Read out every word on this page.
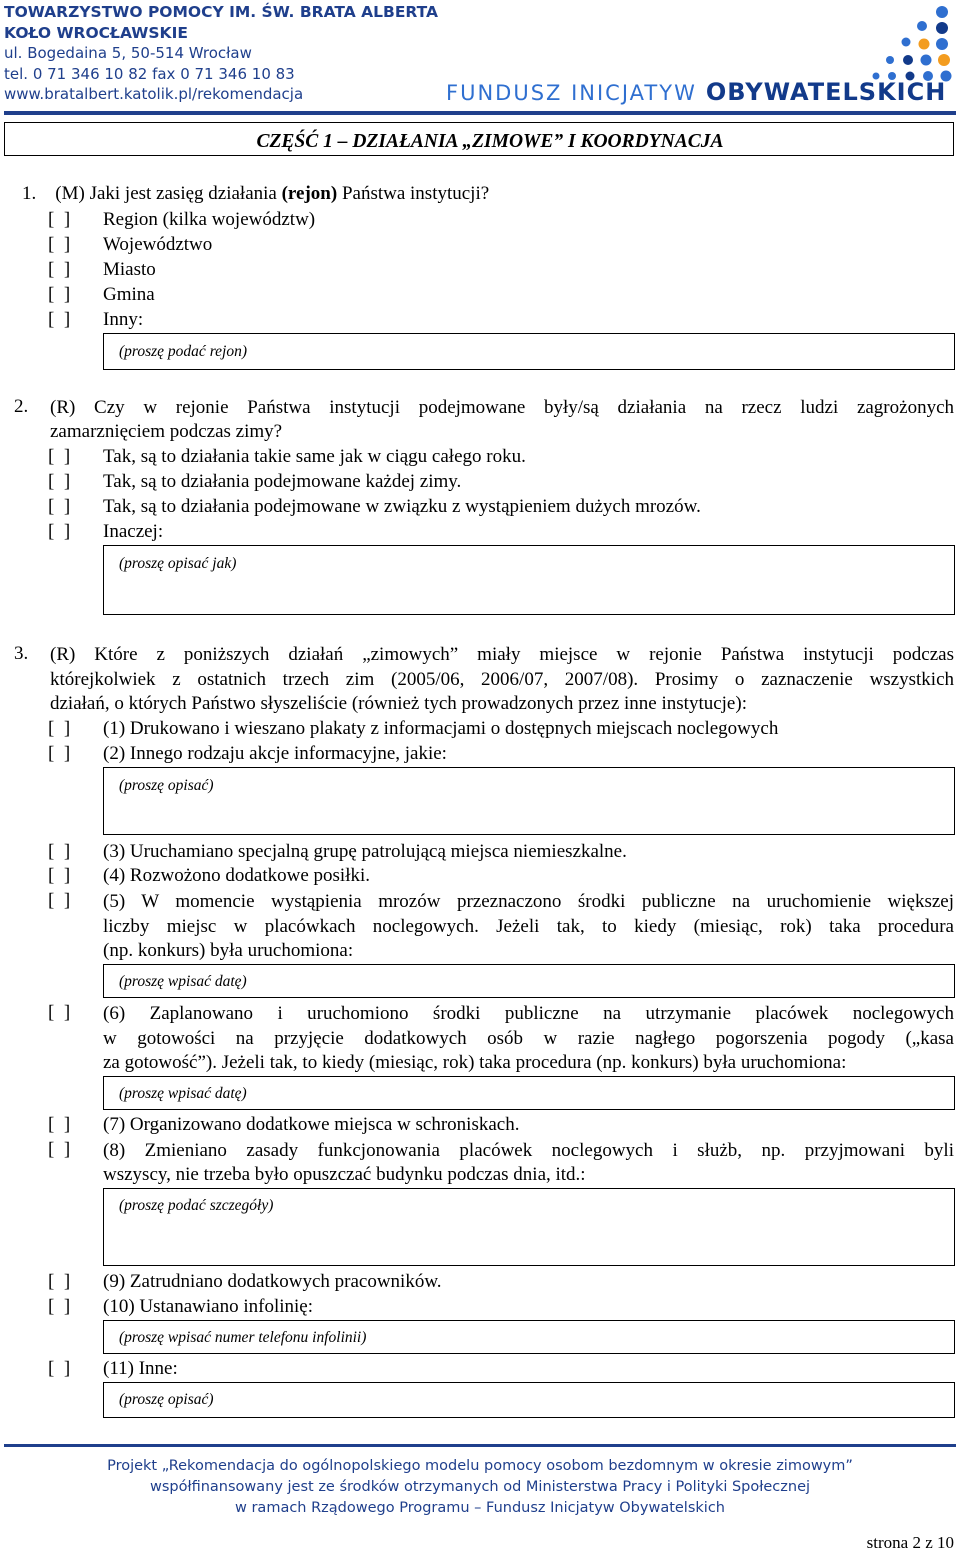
TOWARZYSTWO POMOCY IM. ŚW. BRATA ALBERTA
KOŁO WROCŁAWSKIE
ul. Bogedaina 5, 50-514 Wrocław
tel. 0 71 346 10 82 fax 0 71 346 10 83
www.bratalbert.katolik.pl/rekomendacja	FUNDUSZ INICJATYW OBYWATELSKICH
CZĘŚĆ 1 – DZIAŁANIA „ZIMOWE” I KOORDYNACJA
1. (M) Jaki jest zasięg działania (rejon) Państwa instytucji?
[  ] Region (kilka województw)
[  ] Województwo
[  ] Miasto
[  ] Gmina
[  ] Inny:
(proszę podać rejon)
2. (R) Czy w rejonie Państwa instytucji podejmowane były/są działania na rzecz ludzi zagrożonych
zamarznięciem podczas zimy?
[  ] Tak, są to działania takie same jak w ciągu całego roku.
[  ] Tak, są to działania podejmowane każdej zimy.
[  ] Tak, są to działania podejmowane w związku z wystąpieniem dużych mrozów.
[  ] Inaczej:
(proszę opisać jak)
3. (R) Które z poniższych działań „zimowych” miały miejsce w rejonie Państwa instytucji podczas
którejkolwiek z ostatnich trzech zim (2005/06, 2006/07, 2007/08). Prosimy o zaznaczenie wszystkich
działań, o których Państwo słyszeliście (również tych prowadzonych przez inne instytucje):
[  ] (1) Drukowano i wieszano plakaty z informacjami o dostępnych miejscach noclegowych
[  ] (2) Innego rodzaju akcje informacyjne, jakie:
(proszę opisać)
[  ] (3) Uruchamiano specjalną grupę patrolującą miejsca niemieszkalne.
[  ] (4) Rozwożono dodatkowe posiłki.
[  ] (5) W momencie wystąpienia mrozów przeznaczono środki publiczne na uruchomienie większej
liczby miejsc w placówkach noclegowych. Jeżeli tak, to kiedy (miesiąc, rok) taka procedura
(np. konkurs) była uruchomiona:
(proszę wpisać datę)
[  ] (6) Zaplanowano i uruchomiono środki publiczne na utrzymanie placówek noclegowych
w gotowości na przyjęcie dodatkowych osób w razie nagłego pogorszenia pogody („kasa
za gotowość”). Jeżeli tak, to kiedy (miesiąc, rok) taka procedura (np. konkurs) była uruchomiona:
(proszę wpisać datę)
[  ] (7) Organizowano dodatkowe miejsca w schroniskach.
[  ] (8) Zmieniano zasady funkcjonowania placówek noclegowych i służb, np. przyjmowani byli
wszyscy, nie trzeba było opuszczać budynku podczas dnia, itd.:
(proszę podać szczegóły)
[  ] (9) Zatrudniano dodatkowych pracowników.
[  ] (10) Ustanawiano infolinię:
(proszę wpisać numer telefonu infolinii)
[  ] (11) Inne:
(proszę opisać)
Projekt „Rekomendacja do ogólnopolskiego modelu pomocy osobom bezdomnym w okresie zimowym”
współfinansowany jest ze środków otrzymanych od Ministerstwa Pracy i Polityki Społecznej
w ramach Rządowego Programu – Fundusz Inicjatyw Obywatelskich
strona 2 z 10
